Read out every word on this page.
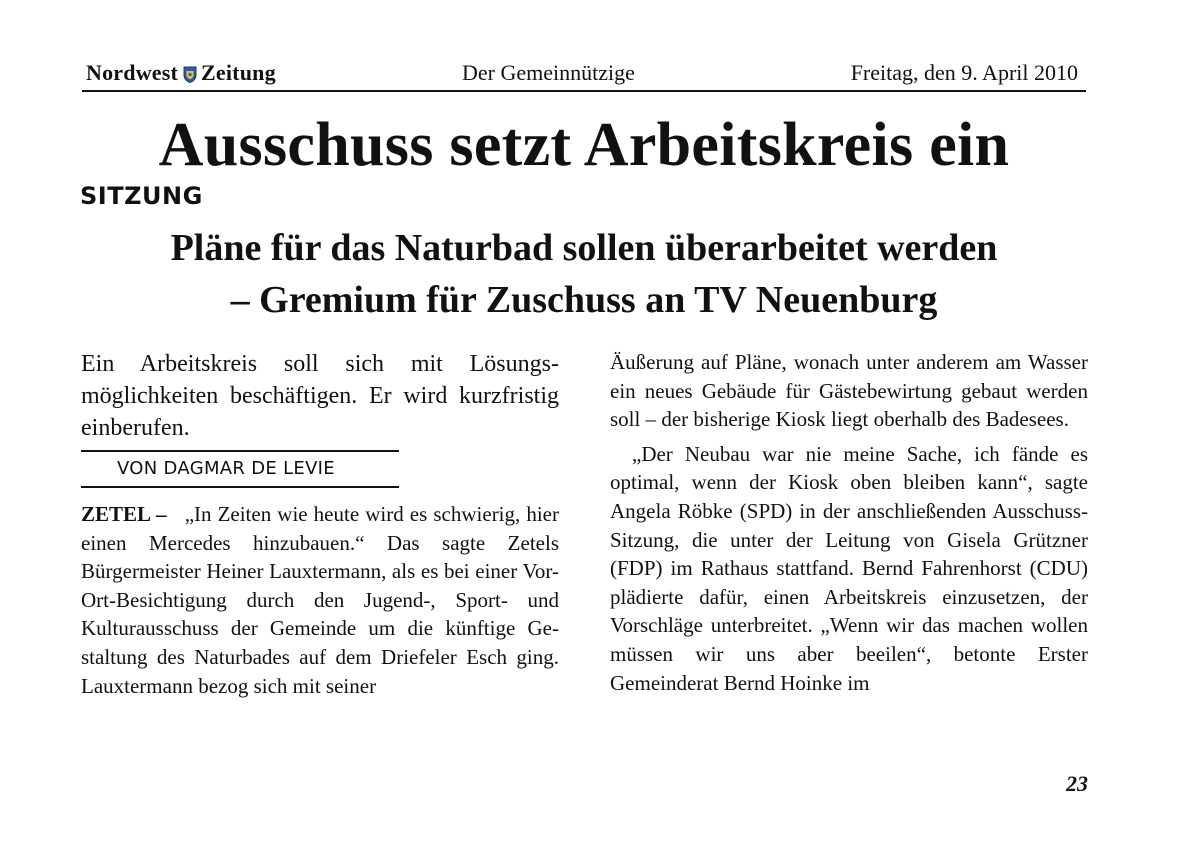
Nordwest Zeitung	Der Gemeinnützige	Freitag, den 9. April 2010
Ausschuss setzt Arbeitskreis ein
SITZUNG
Pläne für das Naturbad sollen überarbeitet werden
– Gremium für Zuschuss an TV Neuenburg

Ein Arbeitskreis soll sich mit Lösungsmöglichkeiten beschäftigen. Er wird kurzfristig einberufen.

VON DAGMAR DE LEVIE

ZETEL – „In Zeiten wie heute wird es schwierig, hier einen Mercedes hinzubauen.“ Das sagte Zetels Bürgermeister Heiner Lauxtermann, als es bei einer Vor-Ort-Besichtigung durch den Jugend-, Sport- und Kulturausschuss der Gemeinde um die künftige Gestaltung des Naturbades auf dem Driefeler Esch ging. Lauxtermann bezog sich mit seiner

Äußerung auf Pläne, wonach unter anderem am Wasser ein neues Gebäude für Gästebewirtung gebaut werden soll – der bisherige Kiosk liegt oberhalb des Badesees.

„Der Neubau war nie meine Sache, ich fände es optimal, wenn der Kiosk oben bleiben kann“, sagte Angela Röbke (SPD) in der anschließenden Ausschuss-Sitzung, die unter der Leitung von Gisela Grützner (FDP) im Rathaus stattfand. Bernd Fahrenhorst (CDU) plädierte dafür, einen Arbeitskreis einzusetzen, der Vorschläge unterbreitet. „Wenn wir das machen wollen müssen wir uns aber beeilen“, betonte Erster Gemeinderat Bernd Hoinke im

23
